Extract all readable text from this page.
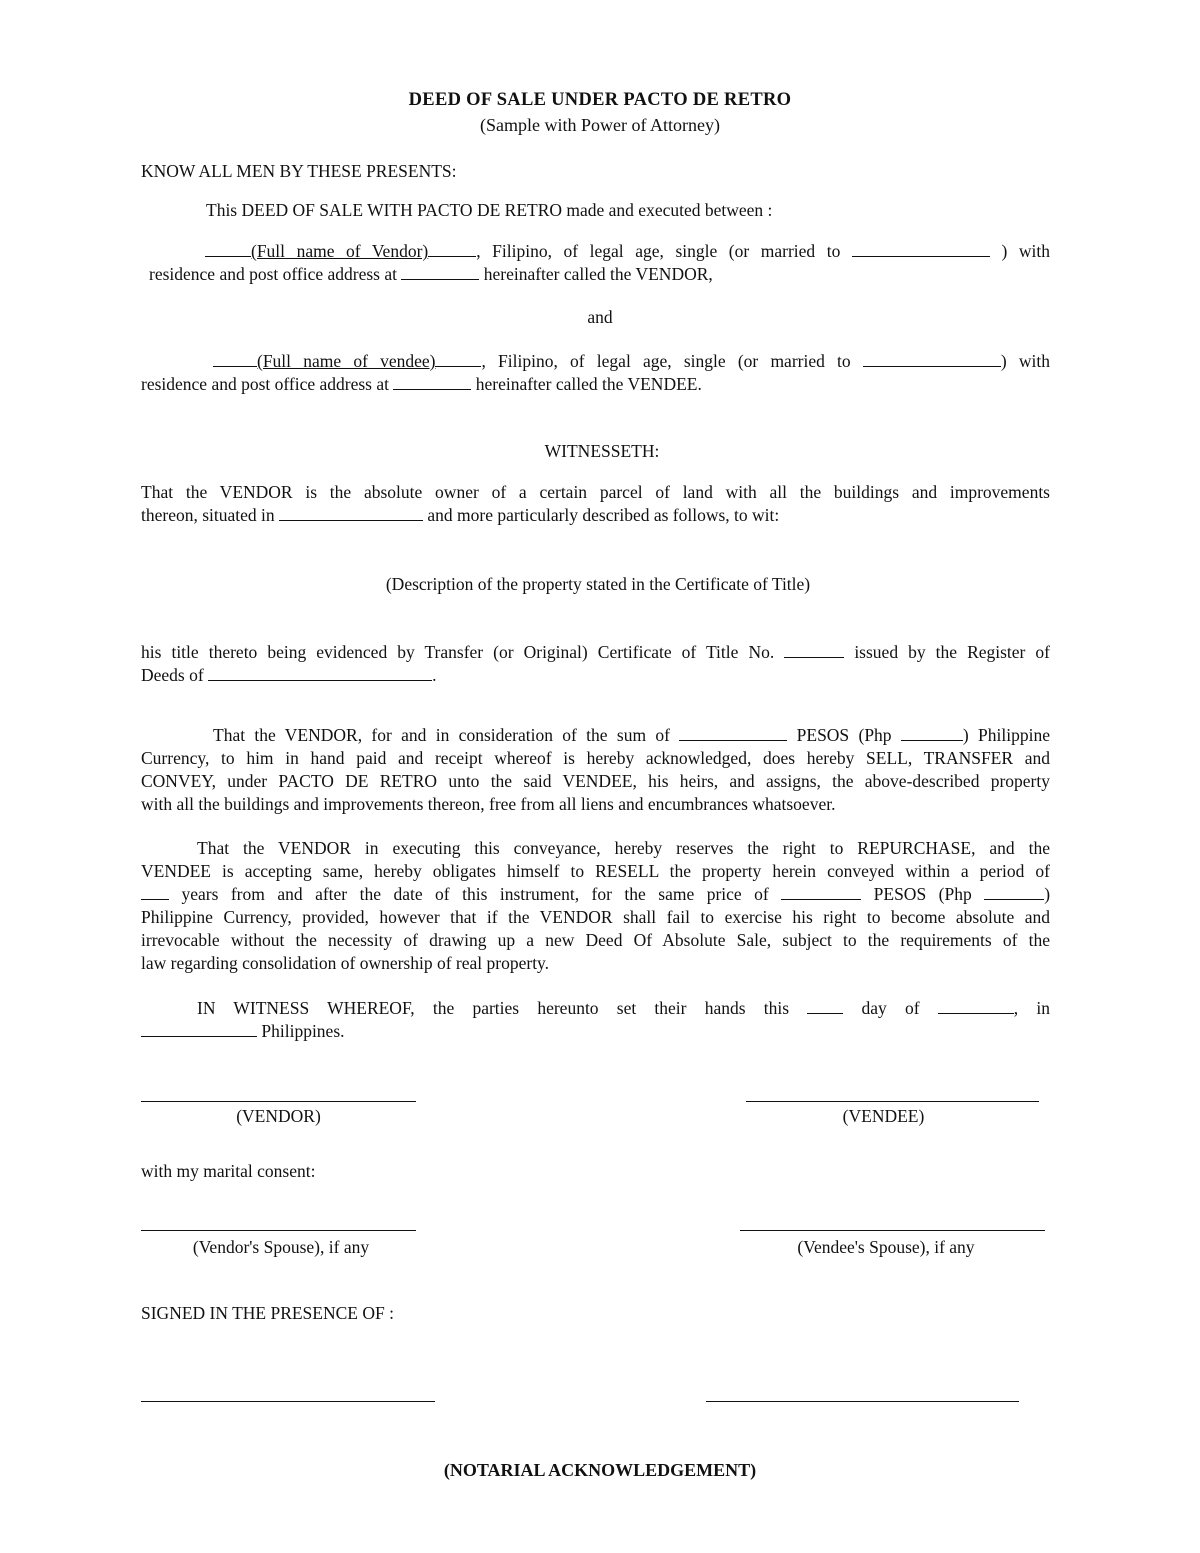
DEED OF SALE UNDER PACTO DE RETRO
(Sample with Power of Attorney)
KNOW ALL MEN BY THESE PRESENTS:
This DEED OF SALE WITH PACTO DE RETRO made and executed between :
(Full name of Vendor)	, Filipino, of legal age, single (or married to	) with
residence and post office address at	hereinafter called the VENDOR,
and
(Full name of vendee)	, Filipino, of legal age, single (or married to	) with
residence and post office address at	hereinafter called the VENDEE.
WITNESSETH:
That the VENDOR is the absolute owner of a certain parcel of land with all the buildings and improvements
thereon, situated in	and more particularly described as follows, to wit:
(Description of the property stated in the Certificate of Title)
his title thereto being evidenced by Transfer (or Original) Certificate of Title No.	issued by the Register of
Deeds of	.
That the VENDOR, for and in consideration of the sum of	PESOS (Php	) Philippine
Currency, to him in hand paid and receipt whereof is hereby acknowledged, does hereby SELL, TRANSFER and
CONVEY, under PACTO DE RETRO unto the said VENDEE, his heirs, and assigns, the above-described property
with all the buildings and improvements thereon, free from all liens and encumbrances whatsoever.
That the VENDOR in executing this conveyance, hereby reserves the right to REPURCHASE, and the
VENDEE is accepting same, hereby obligates himself to RESELL the property herein conveyed within a period of
years from and after the date of this instrument, for the same price of	PESOS (Php	)
Philippine Currency, provided, however that if the VENDOR shall fail to exercise his right to become absolute and
irrevocable without the necessity of drawing up a new Deed Of Absolute Sale, subject to the requirements of the
law regarding consolidation of ownership of real property.
IN WITNESS WHEREOF, the parties hereunto set their hands this	day of	, in
Philippines.
(VENDOR)	(VENDEE)
with my marital consent:
(Vendor's Spouse), if any	(Vendee's Spouse), if any
SIGNED IN THE PRESENCE OF :
(NOTARIAL ACKNOWLEDGEMENT)
